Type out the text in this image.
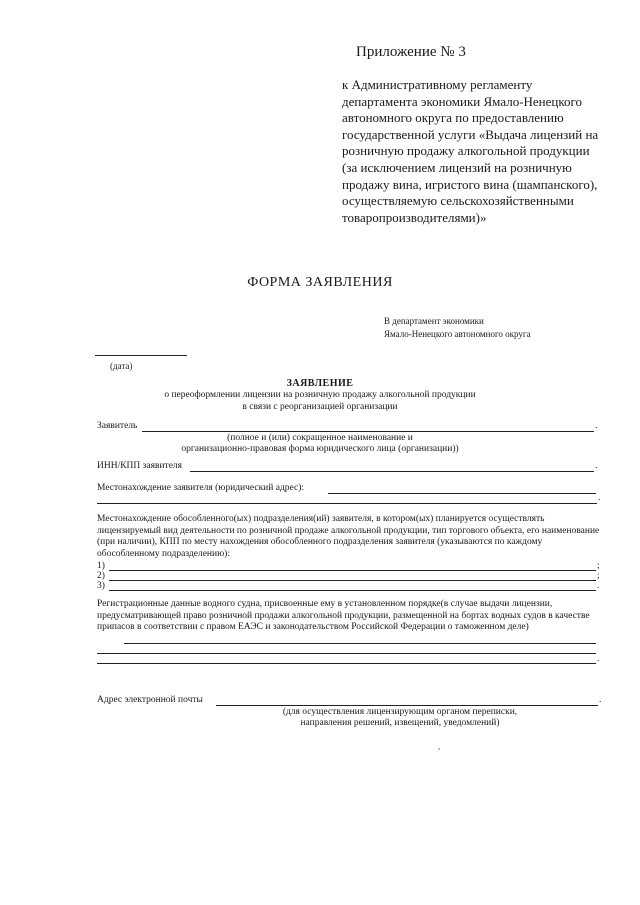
Приложение № 3
к Административному регламенту департамента экономики Ямало-Ненецкого автономного округа по предоставлению государственной услуги «Выдача лицензий на розничную продажу алкогольной продукции (за исключением лицензий на розничную продажу вина, игристого вина (шампанского), осуществляемую сельскохозяйственными товаропроизводителями)»
ФОРМА ЗАЯВЛЕНИЯ
В департамент экономики
Ямало-Ненецкого автономного округа
(дата)
ЗАЯВЛЕНИЕ
о переоформлении лицензии на розничную продажу алкогольной продукции
в связи с реорганизацией организации
Заявитель	.
(полное и (или) сокращенное наименование и
организационно-правовая форма юридического лица (организации))
ИНН/КПП заявителя	.
Местонахождение заявителя (юридический адрес):
.
Местонахождение обособленного(ых) подразделения(ий) заявителя, в котором(ых) планируется осуществлять лицензируемый вид деятельности по розничной продаже алкогольной продукции, тип торгового объекта, его наименование (при наличии), КПП по месту нахождения обособленного подразделения заявителя (указываются по каждому обособленному подразделению):
1)	;
2)	;
3)	.
Регистрационные данные водного судна, присвоенные ему в установленном порядке(в случае выдачи лицензии, предусматривающей право розничной продажи алкогольной продукции, размещенной на бортах водных судов в качестве припасов в соответствии с правом ЕАЭС и законодательством Российской Федерации о таможенном деле)
.
Адрес электронной почты	.
(для осуществления лицензирующим органом переписки,
направления решений, извещений, уведомлений)
